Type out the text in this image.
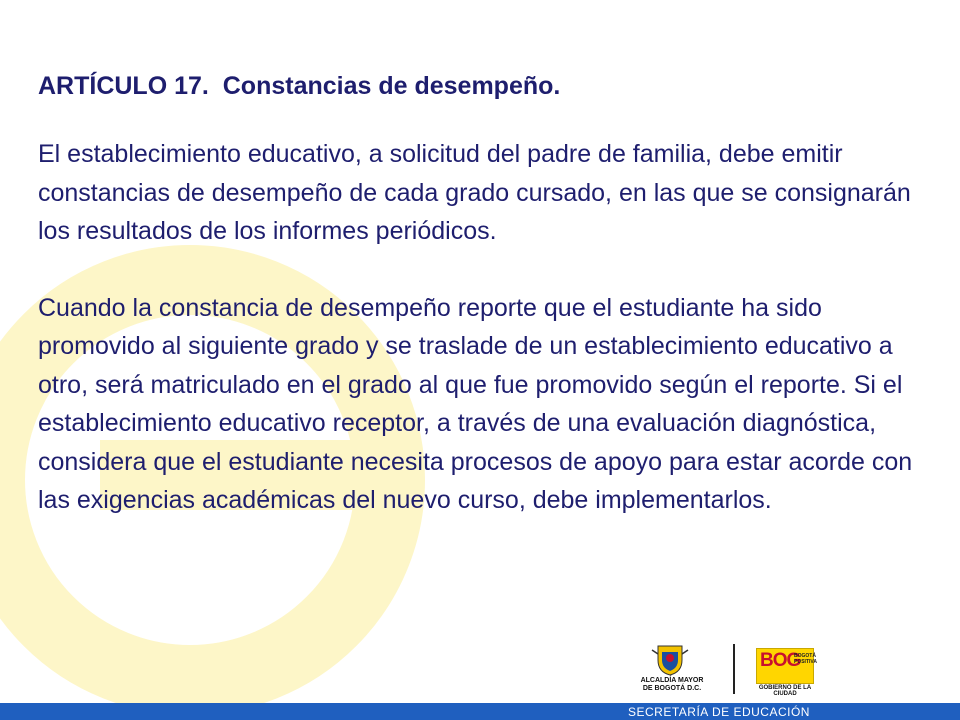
ARTÍCULO 17.  Constancias de desempeño.

El establecimiento educativo, a solicitud del padre de familia, debe emitir constancias de desempeño de cada grado cursado, en las que se consignarán los resultados de los informes periódicos.

Cuando la constancia de desempeño reporte que el estudiante ha sido promovido al siguiente grado y se traslade de un establecimiento educativo a otro, será matriculado en el grado al que fue promovido según el reporte. Si el establecimiento educativo receptor, a través de una evaluación diagnóstica, considera que el estudiante necesita procesos de apoyo para estar acorde con las exigencias académicas del nuevo curso, debe implementarlos.

ALCALDÍA MAYOR
DE BOGOTÁ D.C.
BOG
BOGOTÁ POSITIVA
GOBIERNO DE LA CIUDAD
SECRETARÍA DE EDUCACIÓN
